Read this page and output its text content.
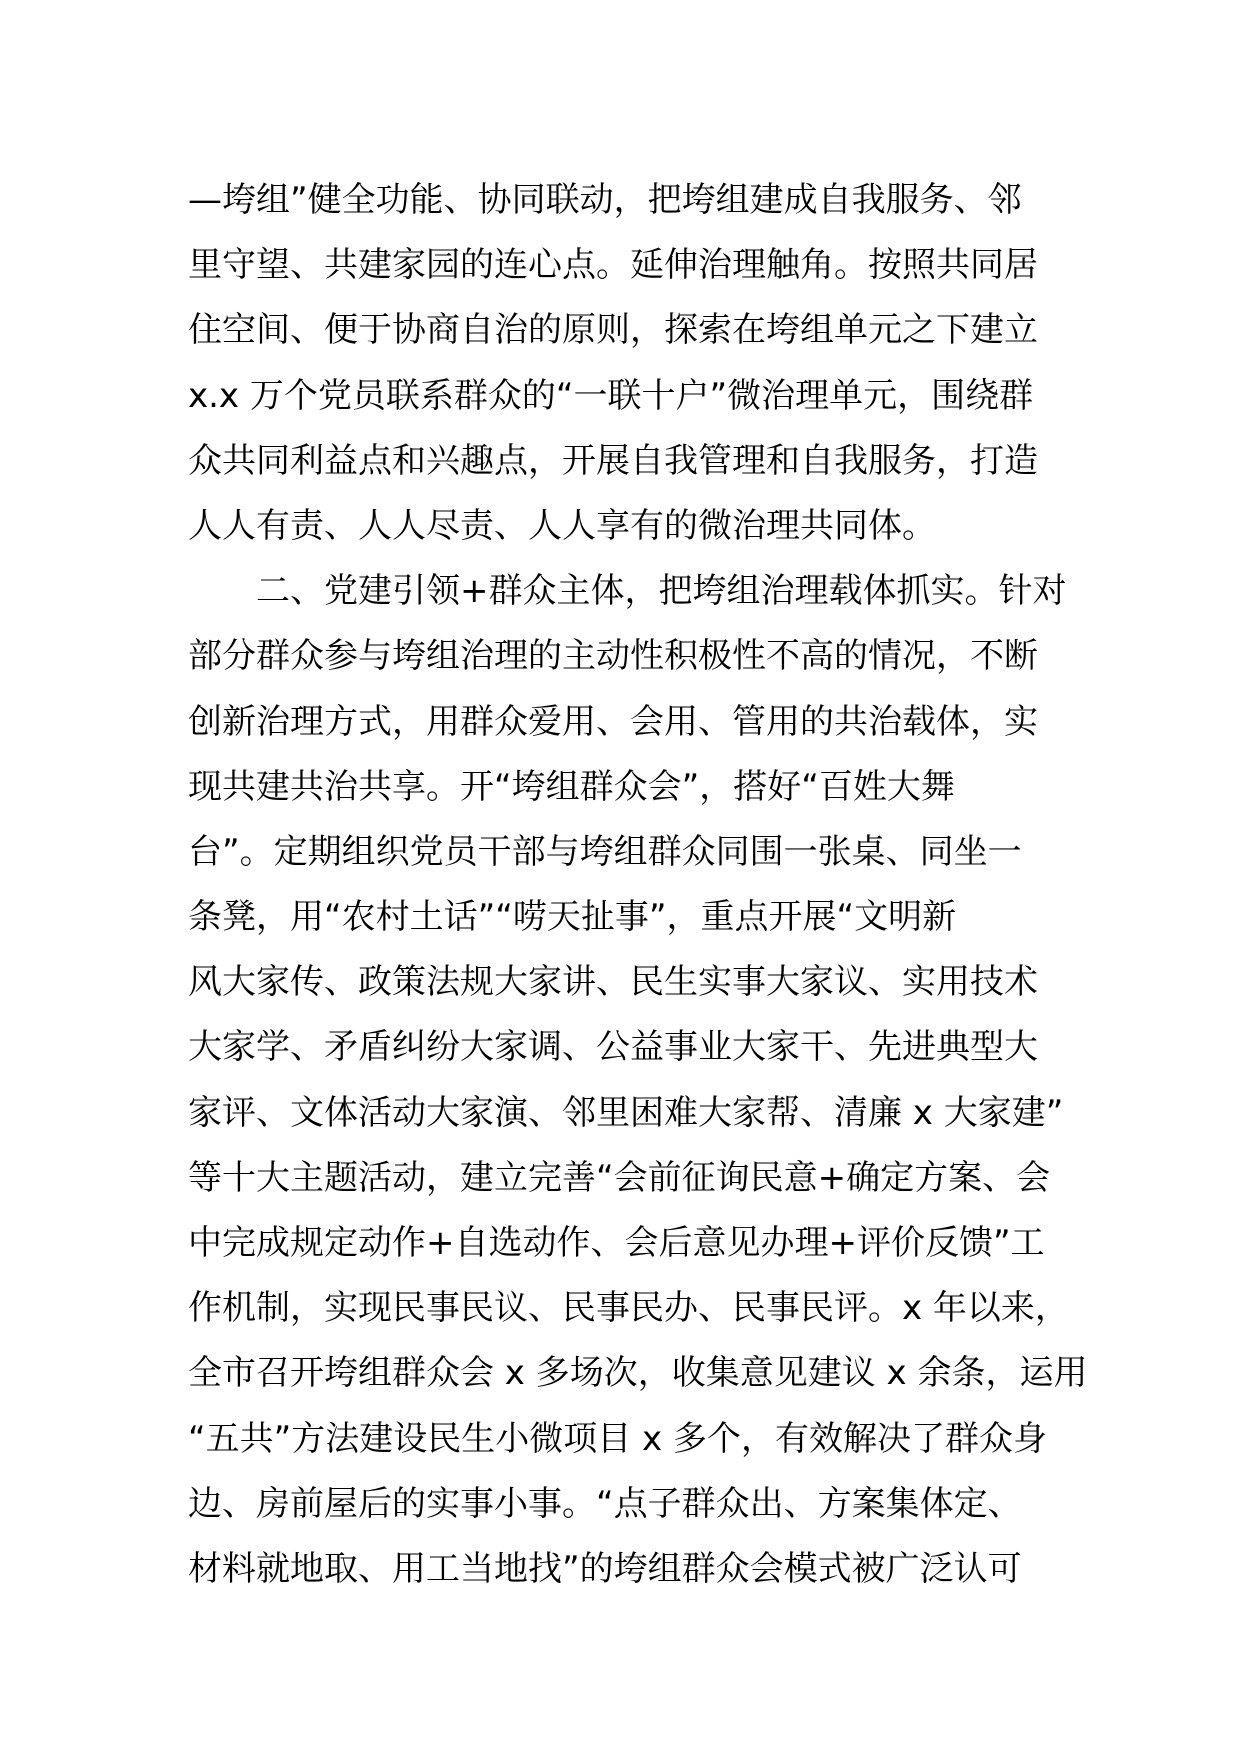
—垮组”健全功能、协同联动，把垮组建成自我服务、邻
里守望、共建家园的连心点。延伸治理触角。按照共同居
住空间、便于协商自治的原则，探索在垮组单元之下建立
x.x 万个党员联系群众的“一联十户”微治理单元，围绕群
众共同利益点和兴趣点，开展自我管理和自我服务，打造
人人有责、人人尽责、人人享有的微治理共同体。
　　二、党建引领+群众主体，把垮组治理载体抓实。针对
部分群众参与垮组治理的主动性积极性不高的情况，不断
创新治理方式，用群众爱用、会用、管用的共治载体，实
现共建共治共享。开“垮组群众会”，搭好“百姓大舞
台”。定期组织党员干部与垮组群众同围一张桌、同坐一
条凳，用“农村土话”“唠天扯事”，重点开展“文明新
风大家传、政策法规大家讲、民生实事大家议、实用技术
大家学、矛盾纠纷大家调、公益事业大家干、先进典型大
家评、文体活动大家演、邻里困难大家帮、清廉 x 大家建”
等十大主题活动，建立完善“会前征询民意+确定方案、会
中完成规定动作+自选动作、会后意见办理+评价反馈”工
作机制，实现民事民议、民事民办、民事民评。x 年以来，
全市召开垮组群众会 x 多场次，收集意见建议 x 余条，运用
“五共”方法建设民生小微项目 x 多个，有效解决了群众身
边、房前屋后的实事小事。“点子群众出、方案集体定、
材料就地取、用工当地找”的垮组群众会模式被广泛认可
